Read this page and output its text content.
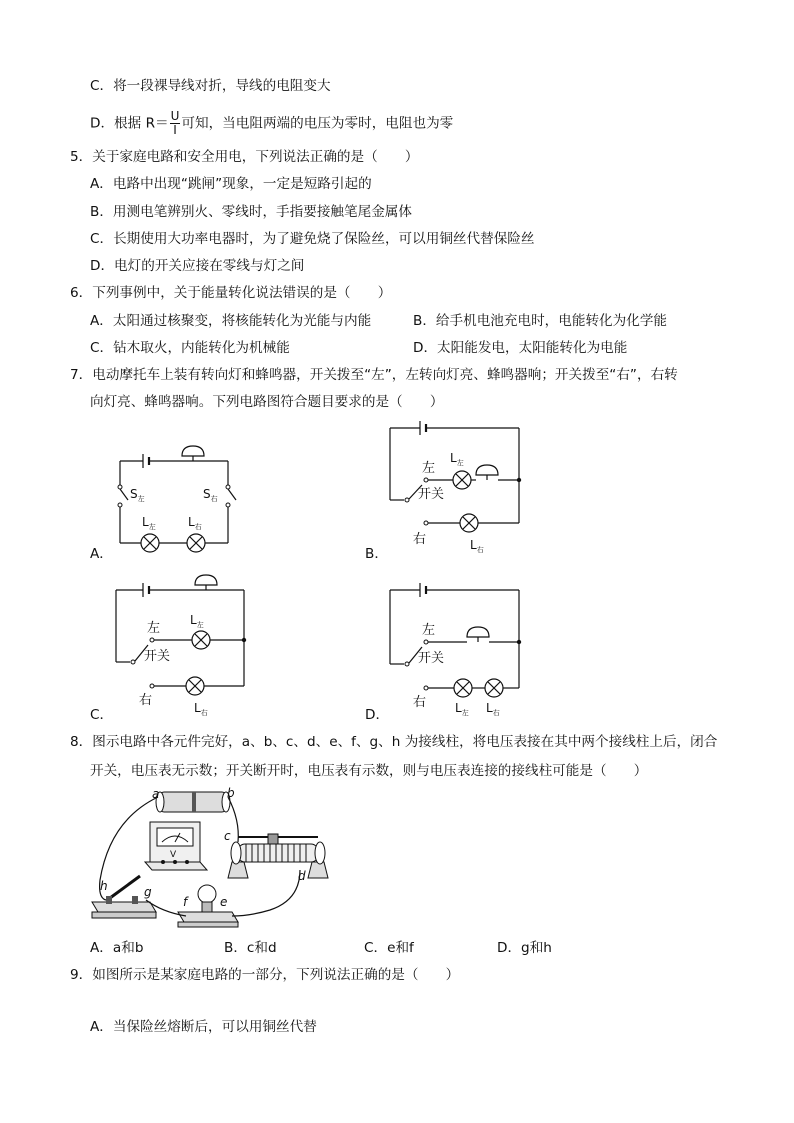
C．将一段裸导线对折，导线的电阻变大
D．根据 $R= \frac{U}{I}$ 可知，当电阻两端的电压为零时，电阻也为零
5．关于家庭电路和安全用电，下列说法正确的是（　　）
A．电路中出现“跳闸”现象，一定是短路引起的
B．用测电笔辨别火、零线时，手指要接触笔尾金属体
C．长期使用大功率电器时，为了避免烧了保险丝，可以用铜丝代替保险丝
D．电灯的开关应接在零线与灯之间
6．下列事例中，关于能量转化说法错误的是（　　）
A．太阳通过核聚变，将核能转化为光能与内能	B．给手机电池充电时，电能转化为化学能
C．钻木取火，内能转化为机械能	D．太阳能发电，太阳能转化为电能
7．电动摩托车上装有转向灯和蜂鸣器，开关拨至“左”，左转向灯亮、蜂鸣器响；开关拨至“右”，右转
向灯亮、蜂鸣器响。下列电路图符合题目要求的是（　　）
$S_左$	$S_右$
$L_左$	$L_右$
左
$L_左$
开关
右	$L_右$
左
$L_左$
开关
右	$L_右$
左
开关
右 $L_左$ $L_右$
A．	B．
C．	D．
8．图示电路中各元件完好，a、b、c、d、e、f、g、h 为接线柱，将电压表接在其中两个接线柱上后，闭合
开关，电压表无示数；开关断开时，电压表有示数，则与电压表连接的接线柱可能是（　　）
V
a	b
c
d
e
f
g
h
A．a和b	B．c和d	C．e和f	D．g和h
9．如图所示是某家庭电路的一部分，下列说法正确的是（　　）
A．当保险丝熔断后，可以用铜丝代替
